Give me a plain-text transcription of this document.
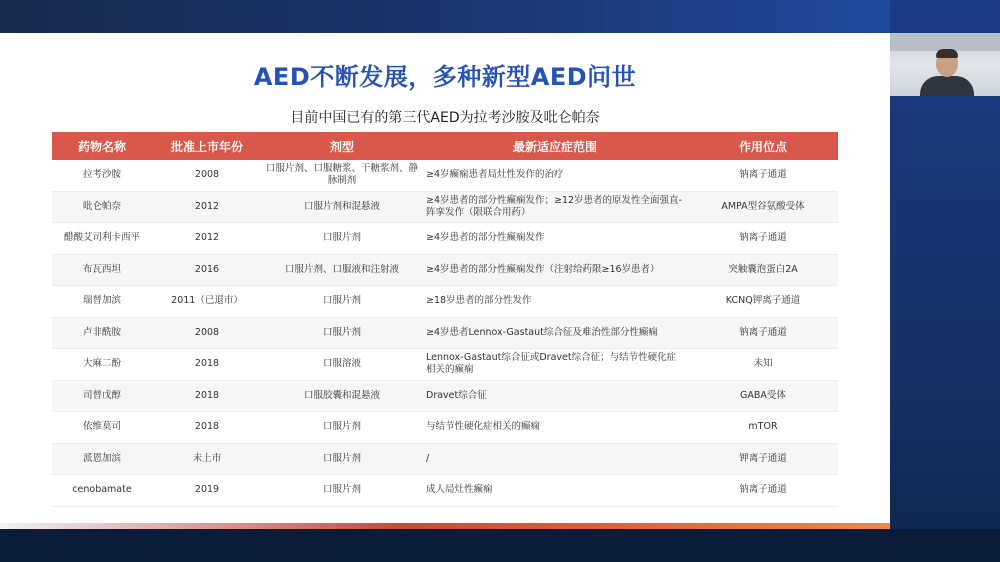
AED不断发展，多种新型AED问世
目前中国已有的第三代AED为拉考沙胺及吡仑帕奈
药物名称	批准上市年份	剂型	最新适应症范围	作用位点
拉考沙胺	2008	口服片剂、口服糖浆、干糖浆剂、静脉制剂	≥4岁癫痫患者局灶性发作的治疗	钠离子通道
吡仑帕奈	2012	口服片剂和混悬液	≥4岁患者的部分性癫痫发作；≥12岁患者的原发性全面强直-阵挛发作（限联合用药）	AMPA型谷氨酸受体
醋酸艾司利卡西平	2012	口服片剂	≥4岁患者的部分性癫痫发作	钠离子通道
布瓦西坦	2016	口服片剂、口服液和注射液	≥4岁患者的部分性癫痫发作（注射给药限≥16岁患者）	突触囊泡蛋白2A
瑞替加滨	2011（已退市）	口服片剂	≥18岁患者的部分性发作	KCNQ钾离子通道
卢非酰胺	2008	口服片剂	≥4岁患者Lennox-Gastaut综合征及难治性部分性癫痫	钠离子通道
大麻二酚	2018	口服溶液	Lennox-Gastaut综合征或Dravet综合征；与结节性硬化症相关的癫痫	未知
司替戊醇	2018	口服胶囊和混悬液	Dravet综合征	GABA受体
依维莫司	2018	口服片剂	与结节性硬化症相关的癫痫	mTOR
派恩加滨	未上市	口服片剂	/	钾离子通道
cenobamate	2019	口服片剂	成人局灶性癫痫	钠离子通道
